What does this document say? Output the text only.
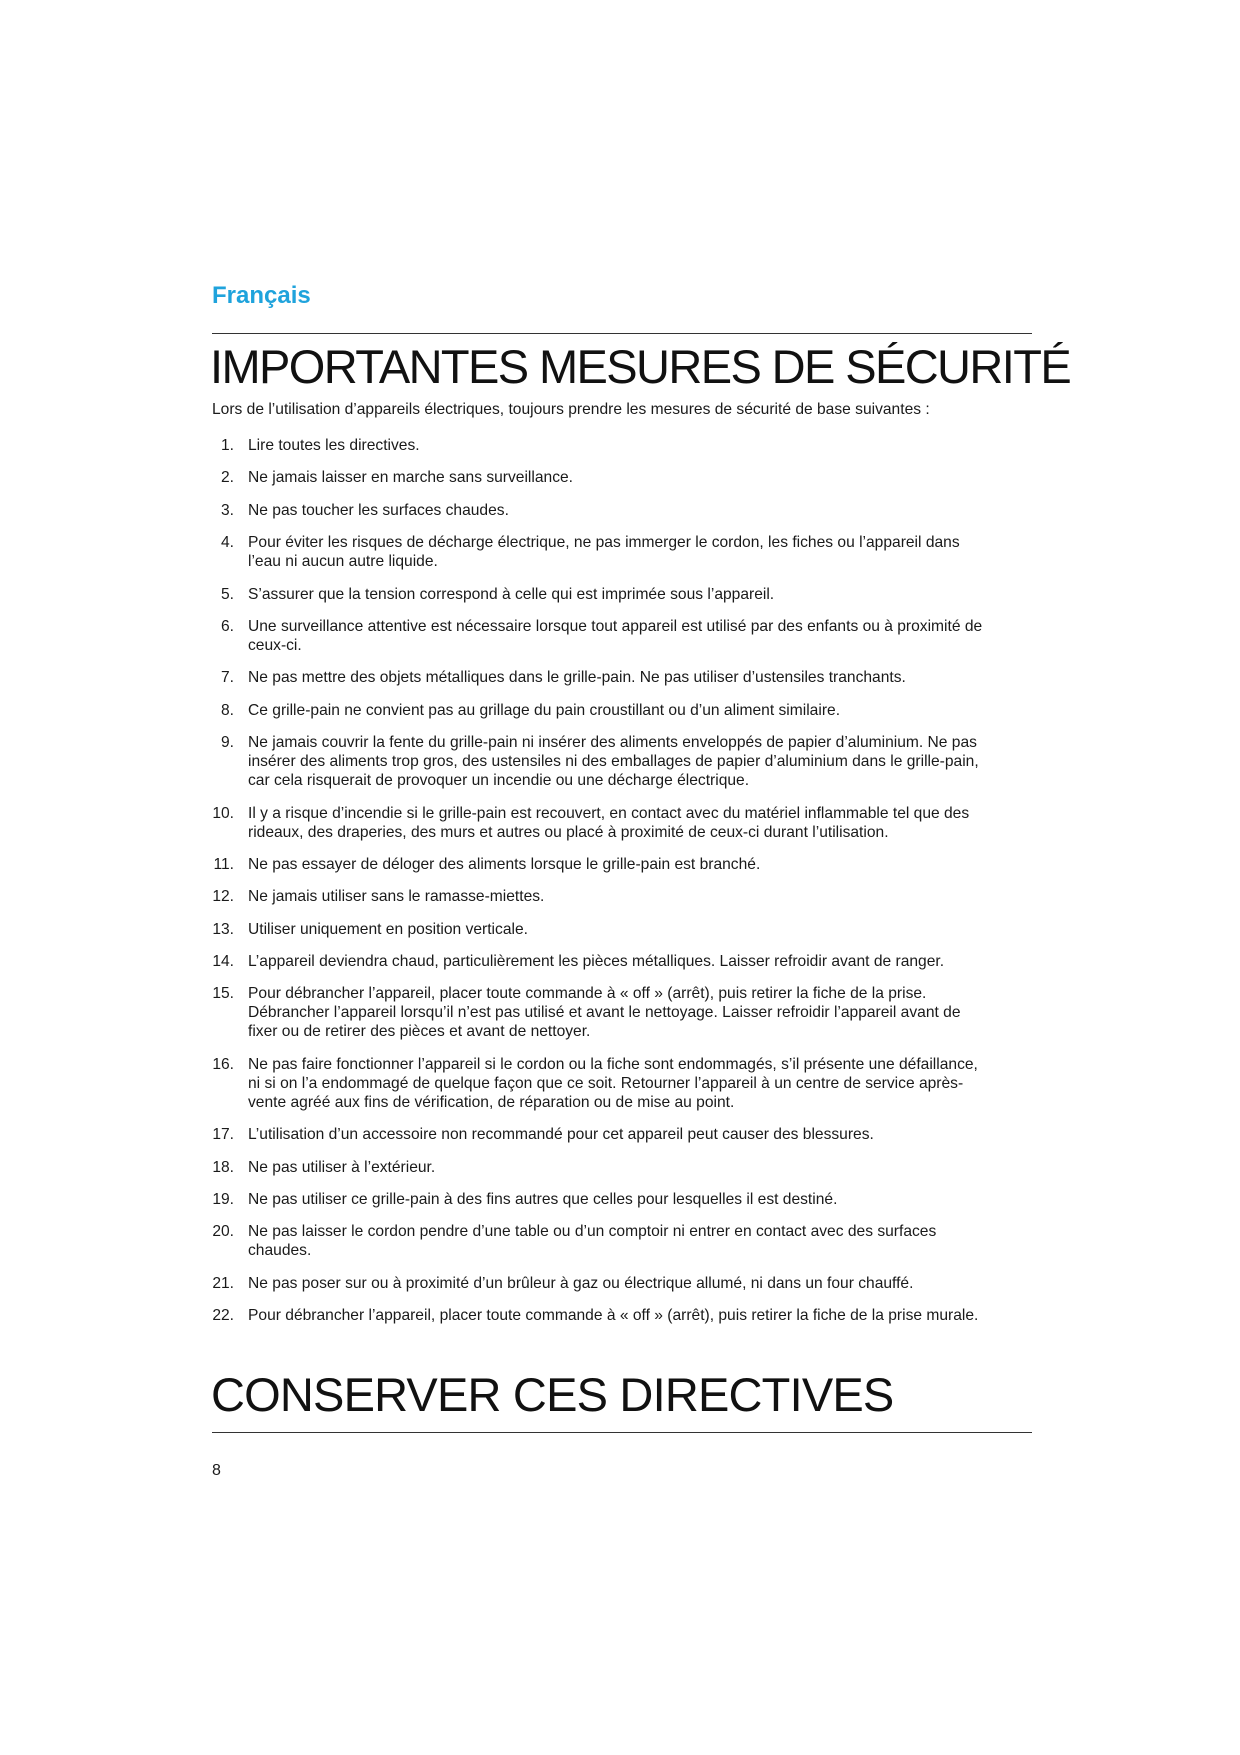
Français
IMPORTANTES MESURES DE SÉCURITÉ

Lors de l’utilisation d’appareils électriques, toujours prendre les mesures de sécurité de base suivantes :

1. Lire toutes les directives.
2. Ne jamais laisser en marche sans surveillance.
3. Ne pas toucher les surfaces chaudes.
4. Pour éviter les risques de décharge électrique, ne pas immerger le cordon, les fiches ou l’appareil dans
l’eau ni aucun autre liquide.
5. S’assurer que la tension correspond à celle qui est imprimée sous l’appareil.
6. Une surveillance attentive est nécessaire lorsque tout appareil est utilisé par des enfants ou à proximité de
ceux-ci.
7. Ne pas mettre des objets métalliques dans le grille-pain. Ne pas utiliser d’ustensiles tranchants.
8. Ce grille-pain ne convient pas au grillage du pain croustillant ou d’un aliment similaire.
9. Ne jamais couvrir la fente du grille-pain ni insérer des aliments enveloppés de papier d’aluminium. Ne pas
insérer des aliments trop gros, des ustensiles ni des emballages de papier d’aluminium dans le grille-pain,
car cela risquerait de provoquer un incendie ou une décharge électrique.
10. Il y a risque d’incendie si le grille-pain est recouvert, en contact avec du matériel inflammable tel que des
rideaux, des draperies, des murs et autres ou placé à proximité de ceux-ci durant l’utilisation.
11. Ne pas essayer de déloger des aliments lorsque le grille-pain est branché.
12. Ne jamais utiliser sans le ramasse-miettes.
13. Utiliser uniquement en position verticale.
14. L’appareil deviendra chaud, particulièrement les pièces métalliques. Laisser refroidir avant de ranger.
15. Pour débrancher l’appareil, placer toute commande à « off » (arrêt), puis retirer la fiche de la prise.
Débrancher l’appareil lorsqu’il n’est pas utilisé et avant le nettoyage. Laisser refroidir l’appareil avant de
fixer ou de retirer des pièces et avant de nettoyer.
16. Ne pas faire fonctionner l’appareil si le cordon ou la fiche sont endommagés, s’il présente une défaillance,
ni si on l’a endommagé de quelque façon que ce soit. Retourner l’appareil à un centre de service après-
vente agréé aux fins de vérification, de réparation ou de mise au point.
17. L’utilisation d’un accessoire non recommandé pour cet appareil peut causer des blessures.
18. Ne pas utiliser à l’extérieur.
19. Ne pas utiliser ce grille-pain à des fins autres que celles pour lesquelles il est destiné.
20. Ne pas laisser le cordon pendre d’une table ou d’un comptoir ni entrer en contact avec des surfaces
chaudes.
21. Ne pas poser sur ou à proximité d’un brûleur à gaz ou électrique allumé, ni dans un four chauffé.
22. Pour débrancher l’appareil, placer toute commande à « off » (arrêt), puis retirer la fiche de la prise murale.
CONSERVER CES DIRECTIVES
8
